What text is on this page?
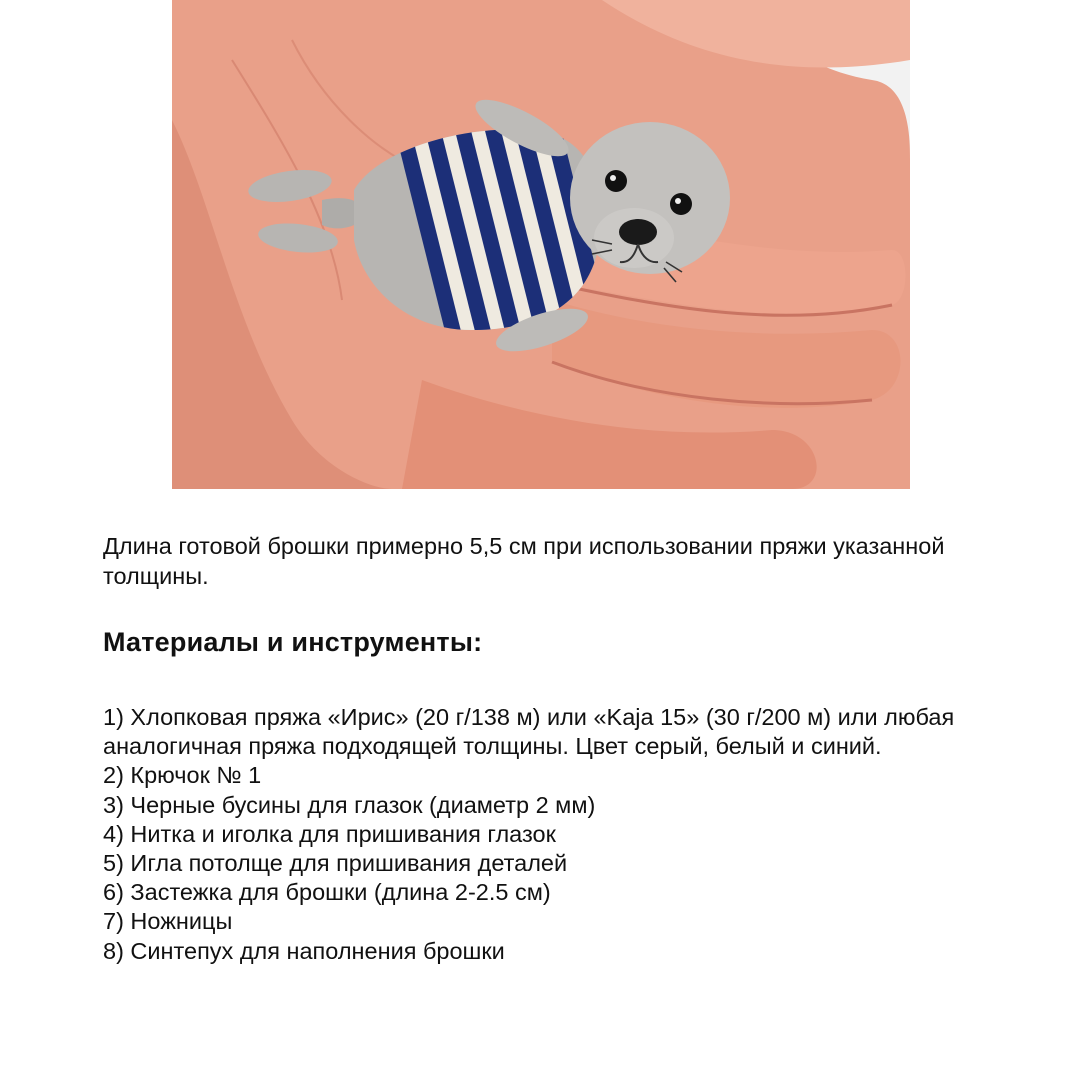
Длина готовой брошки примерно 5,5 см при использовании пряжи указанной толщины.

Материалы и инструменты:
1) Хлопковая пряжа «Ирис» (20 г/138 м) или «Kaja 15» (30 г/200 м) или любая аналогичная пряжа подходящей толщины. Цвет серый, белый и синий.
2) Крючок № 1
3) Черные бусины для глазок (диаметр 2 мм)
4) Нитка и иголка для пришивания глазок
5) Игла потолще для пришивания деталей
6) Застежка для брошки (длина 2-2.5 см)
7) Ножницы
8) Синтепух для наполнения брошки
